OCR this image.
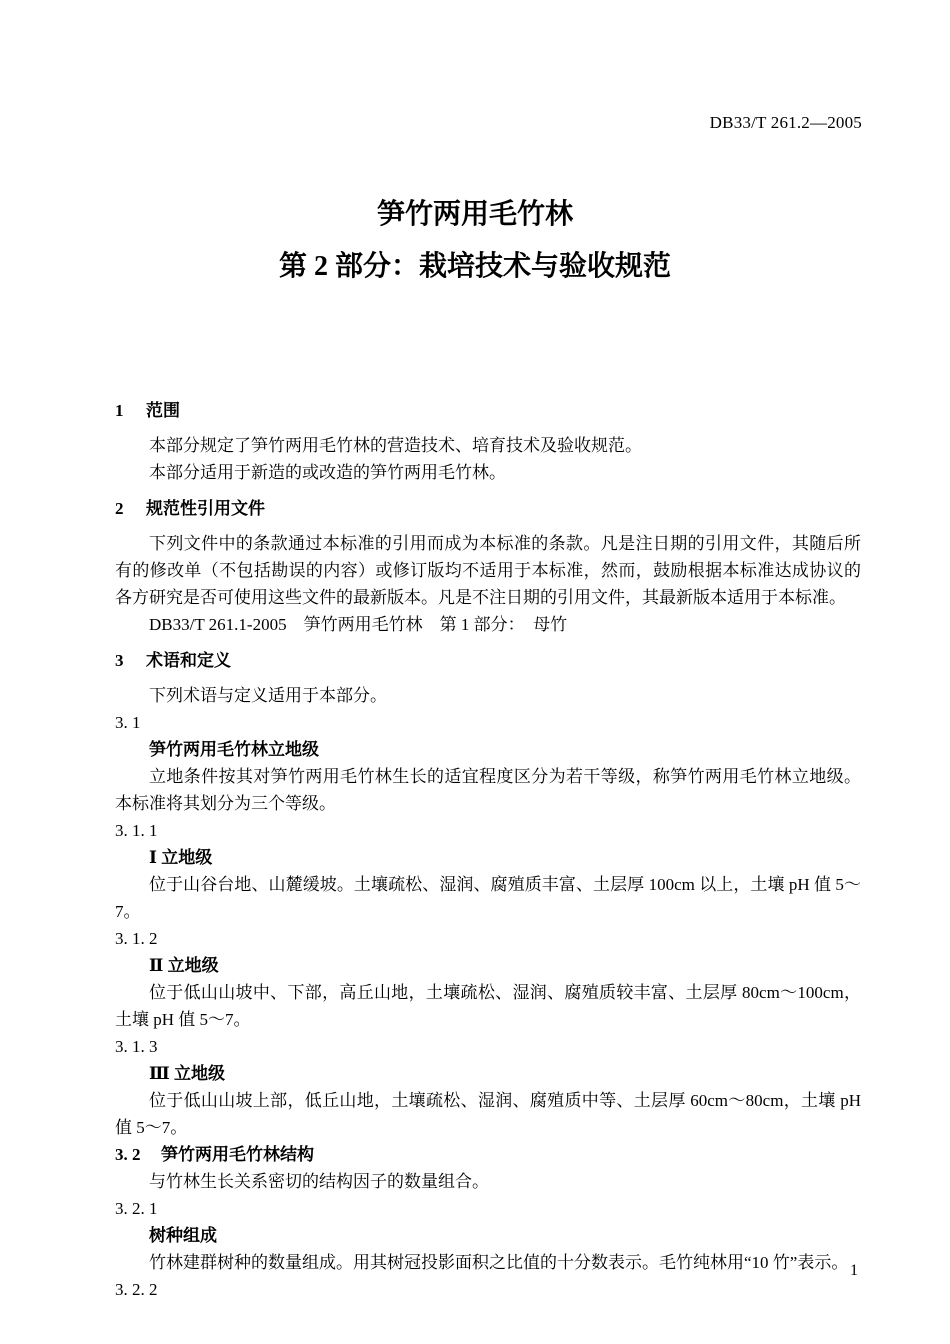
DB33/T 261.2—2005
笋竹两用毛竹林
第 2 部分：栽培技术与验收规范
1 范围

本部分规定了笋竹两用毛竹林的营造技术、培育技术及验收规范。

本部分适用于新造的或改造的笋竹两用毛竹林。

2 规范性引用文件

下列文件中的条款通过本标准的引用而成为本标准的条款。凡是注日期的引用文件，其随后所有的修改单（不包括勘误的内容）或修订版均不适用于本标准，然而，鼓励根据本标准达成协议的各方研究是否可使用这些文件的最新版本。凡是不注日期的引用文件，其最新版本适用于本标准。

DB33/T 261.1-2005　笋竹两用毛竹林　第 1 部分：　母竹

3 术语和定义

下列术语与定义适用于本部分。

3. 1

笋竹两用毛竹林立地级

立地条件按其对笋竹两用毛竹林生长的适宜程度区分为若干等级，称笋竹两用毛竹林立地级。本标准将其划分为三个等级。

3. 1. 1

Ⅰ 立地级

位于山谷台地、山麓缓坡。土壤疏松、湿润、腐殖质丰富、土层厚 100cm 以上，土壤 pH 值 5～7。

3. 1. 2

Ⅱ 立地级

位于低山山坡中、下部，高丘山地，土壤疏松、湿润、腐殖质较丰富、土层厚 80cm～100cm，土壤 pH 值 5～7。

3. 1. 3

Ⅲ 立地级

位于低山山坡上部，低丘山地，土壤疏松、湿润、腐殖质中等、土层厚 60cm～80cm，土壤 pH 值 5～7。

3. 2 笋竹两用毛竹林结构

与竹林生长关系密切的结构因子的数量组合。

3. 2. 1

树种组成

竹林建群树种的数量组成。用其树冠投影面积之比值的十分数表示。毛竹纯林用“10 竹”表示。

3. 2. 2

1
